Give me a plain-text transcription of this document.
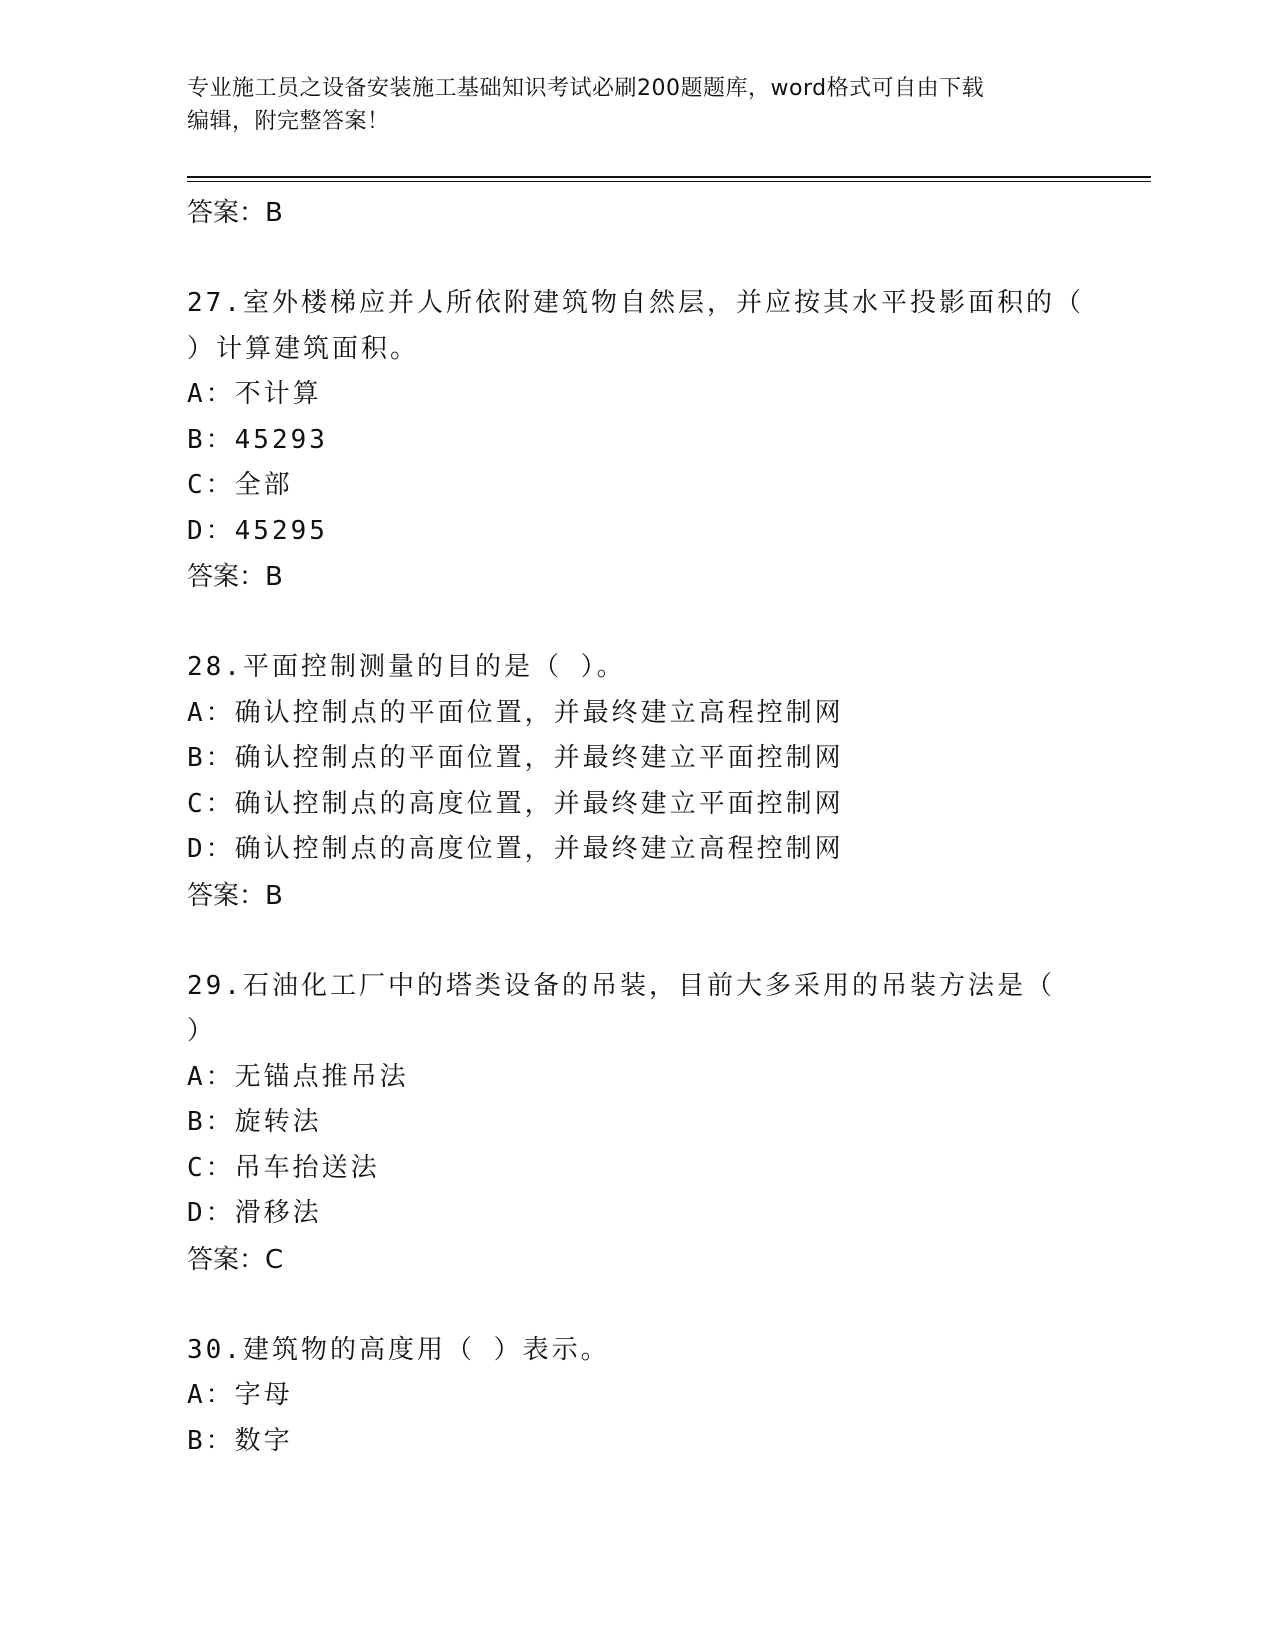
专业施工员之设备安装施工基础知识考试必刷200题题库，word格式可自由下载
编辑，附完整答案！
答案：B
27.室外楼梯应并人所依附建筑物自然层，并应按其水平投影面积的（
）计算建筑面积。
A：不计算
B：45293
C：全部
D：45295
答案：B
28.平面控制测量的目的是（ ）。
A：确认控制点的平面位置，并最终建立高程控制网
B：确认控制点的平面位置，并最终建立平面控制网
C：确认控制点的高度位置，并最终建立平面控制网
D：确认控制点的高度位置，并最终建立高程控制网
答案：B
29.石油化工厂中的塔类设备的吊装，目前大多采用的吊装方法是（
）
A：无锚点推吊法
B：旋转法
C：吊车抬送法
D：滑移法
答案：C
30.建筑物的高度用（ ）表示。
A：字母
B：数字
